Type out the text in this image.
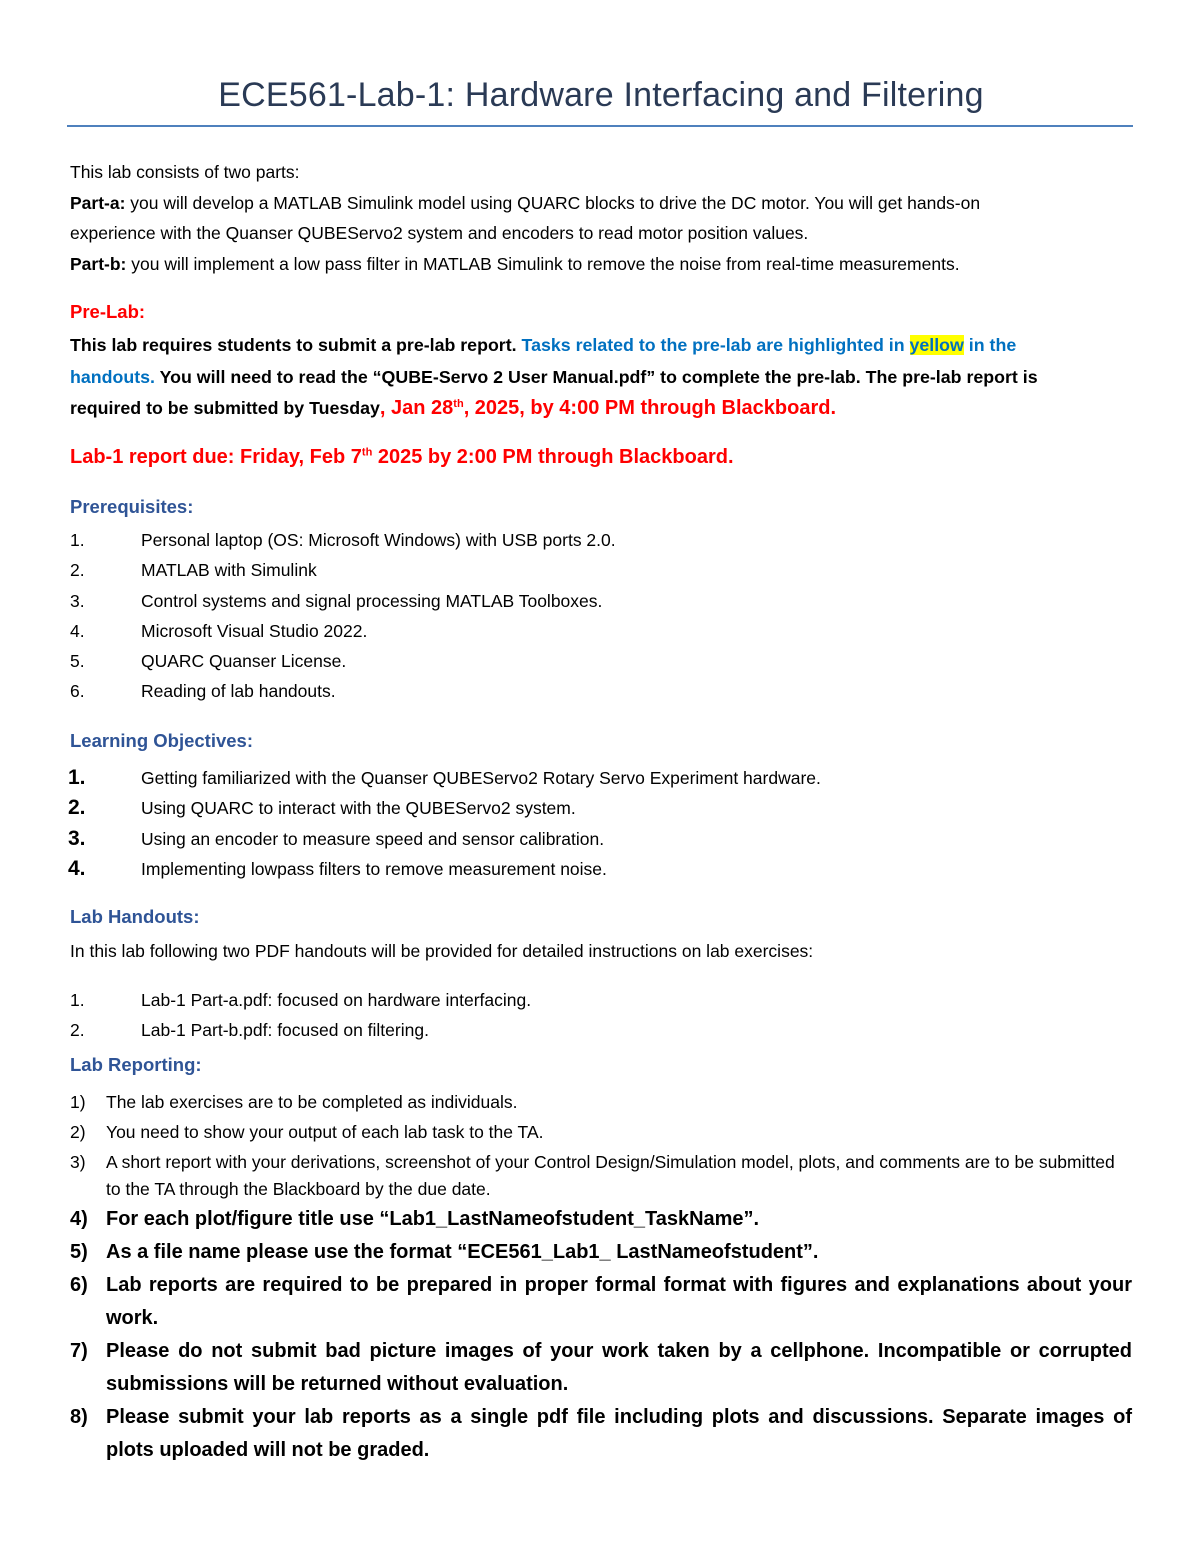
ECE561-Lab-1: Hardware Interfacing and Filtering
This lab consists of two parts:
Part-a: you will develop a MATLAB Simulink model using QUARC blocks to drive the DC motor. You will get hands-on
experience with the Quanser QUBEServo2 system and encoders to read motor position values.
Part-b: you will implement a low pass filter in MATLAB Simulink to remove the noise from real-time measurements.
Pre-Lab:
This lab requires students to submit a pre-lab report. Tasks related to the pre-lab are highlighted in yellow in the
handouts. You will need to read the “QUBE-Servo 2 User Manual.pdf” to complete the pre-lab. The pre-lab report is
required to be submitted by Tuesday, Jan 28th, 2025, by 4:00 PM through Blackboard.
Lab-1 report due: Friday, Feb 7th 2025 by 2:00 PM through Blackboard.
Prerequisites:
1.	Personal laptop (OS: Microsoft Windows) with USB ports 2.0.
2.	MATLAB with Simulink
3.	Control systems and signal processing MATLAB Toolboxes.
4.	Microsoft Visual Studio 2022.
5.	QUARC Quanser License.
6.	Reading of lab handouts.
Learning Objectives:
1.	Getting familiarized with the Quanser QUBEServo2 Rotary Servo Experiment hardware.
2.	Using QUARC to interact with the QUBEServo2 system.
3.	Using an encoder to measure speed and sensor calibration.
4.	Implementing lowpass filters to remove measurement noise.
Lab Handouts:
In this lab following two PDF handouts will be provided for detailed instructions on lab exercises:
1.	Lab-1 Part-a.pdf: focused on hardware interfacing.
2.	Lab-1 Part-b.pdf: focused on filtering.
Lab Reporting:
1) The lab exercises are to be completed as individuals.
2) You need to show your output of each lab task to the TA.
3) A short report with your derivations, screenshot of your Control Design/Simulation model, plots, and comments are to be submitted to the TA through the Blackboard by the due date.
4) For each plot/figure title use “Lab1_LastNameofstudent_TaskName”.
5) As a file name please use the format “ECE561_Lab1_ LastNameofstudent”.
6) Lab reports are required to be prepared in proper formal format with figures and explanations about your work.
7) Please do not submit bad picture images of your work taken by a cellphone. Incompatible or corrupted submissions will be returned without evaluation.
8) Please submit your lab reports as a single pdf file including plots and discussions. Separate images of plots uploaded will not be graded.
